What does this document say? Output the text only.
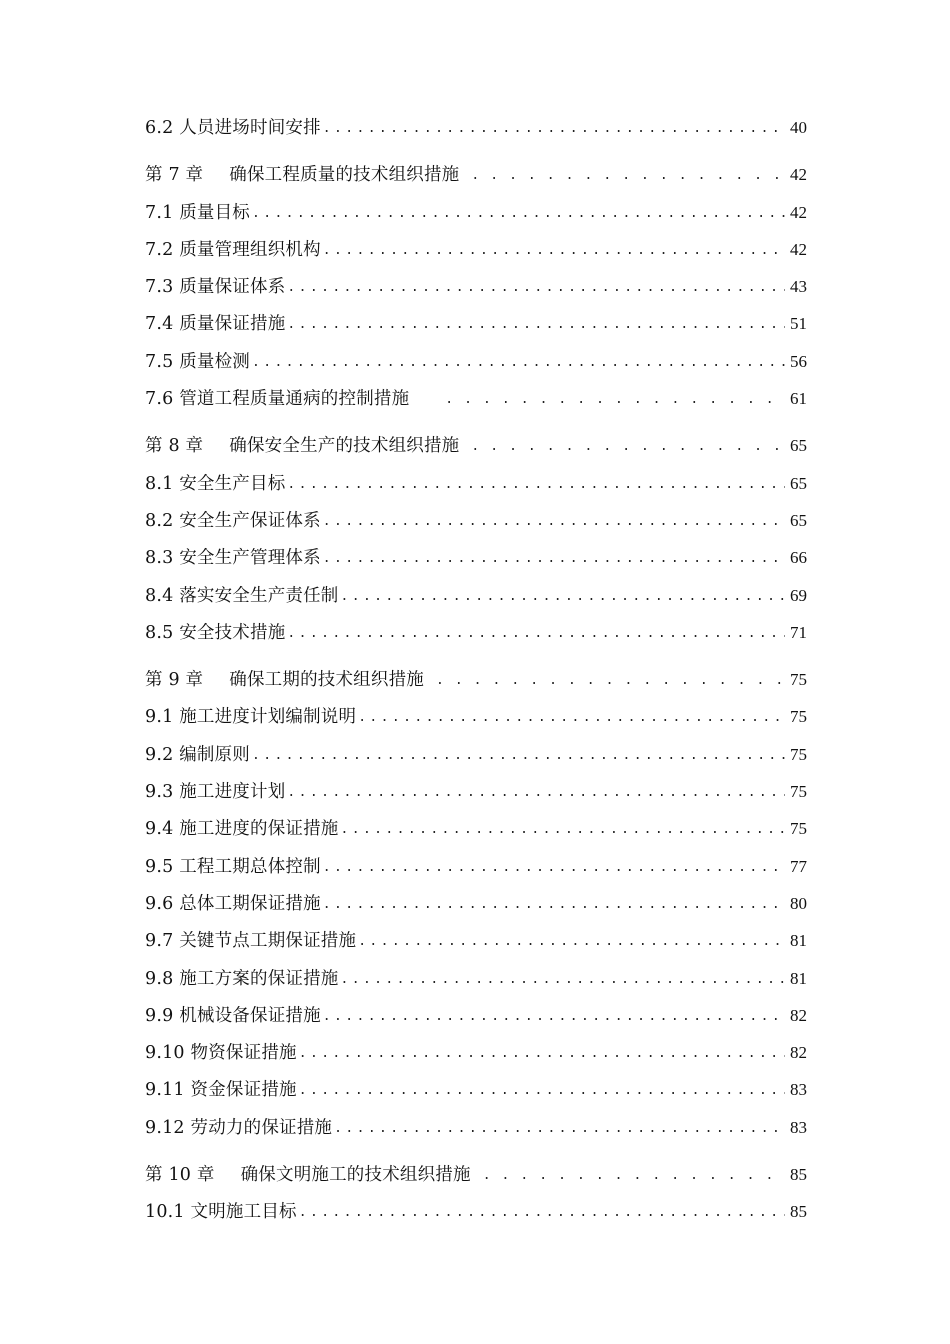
6.2 人员进场时间安排 .....	40
第 7 章 确保工程质量的技术组织措施 . . .	42
7.1 质量目标 .....	42
7.2 质量管理组织机构 .....	42
7.3 质量保证体系 .....	43
7.4 质量保证措施 .....	51
7.5 质量检测 .....	56
7.6 管道工程质量通病的控制措施 . . .	61
第 8 章 确保安全生产的技术组织措施 . . .	65
8.1 安全生产目标 .....	65
8.2 安全生产保证体系 .....	65
8.3 安全生产管理体系 .....	66
8.4 落实安全生产责任制 .....	69
8.5 安全技术措施 .....	71
第 9 章 确保工期的技术组织措施 . . .	75
9.1 施工进度计划编制说明 .....	75
9.2 编制原则 .....	75
9.3 施工进度计划 .....	75
9.4 施工进度的保证措施 .....	75
9.5 工程工期总体控制 .....	77
9.6 总体工期保证措施 .....	80
9.7 关键节点工期保证措施 .....	81
9.8 施工方案的保证措施 .....	81
9.9 机械设备保证措施 .....	82
9.10 物资保证措施 .....	82
9.11 资金保证措施 .....	83
9.12 劳动力的保证措施 .....	83
第 10 章 确保文明施工的技术组织措施 . . .	85
10.1 文明施工目标 .....	85
